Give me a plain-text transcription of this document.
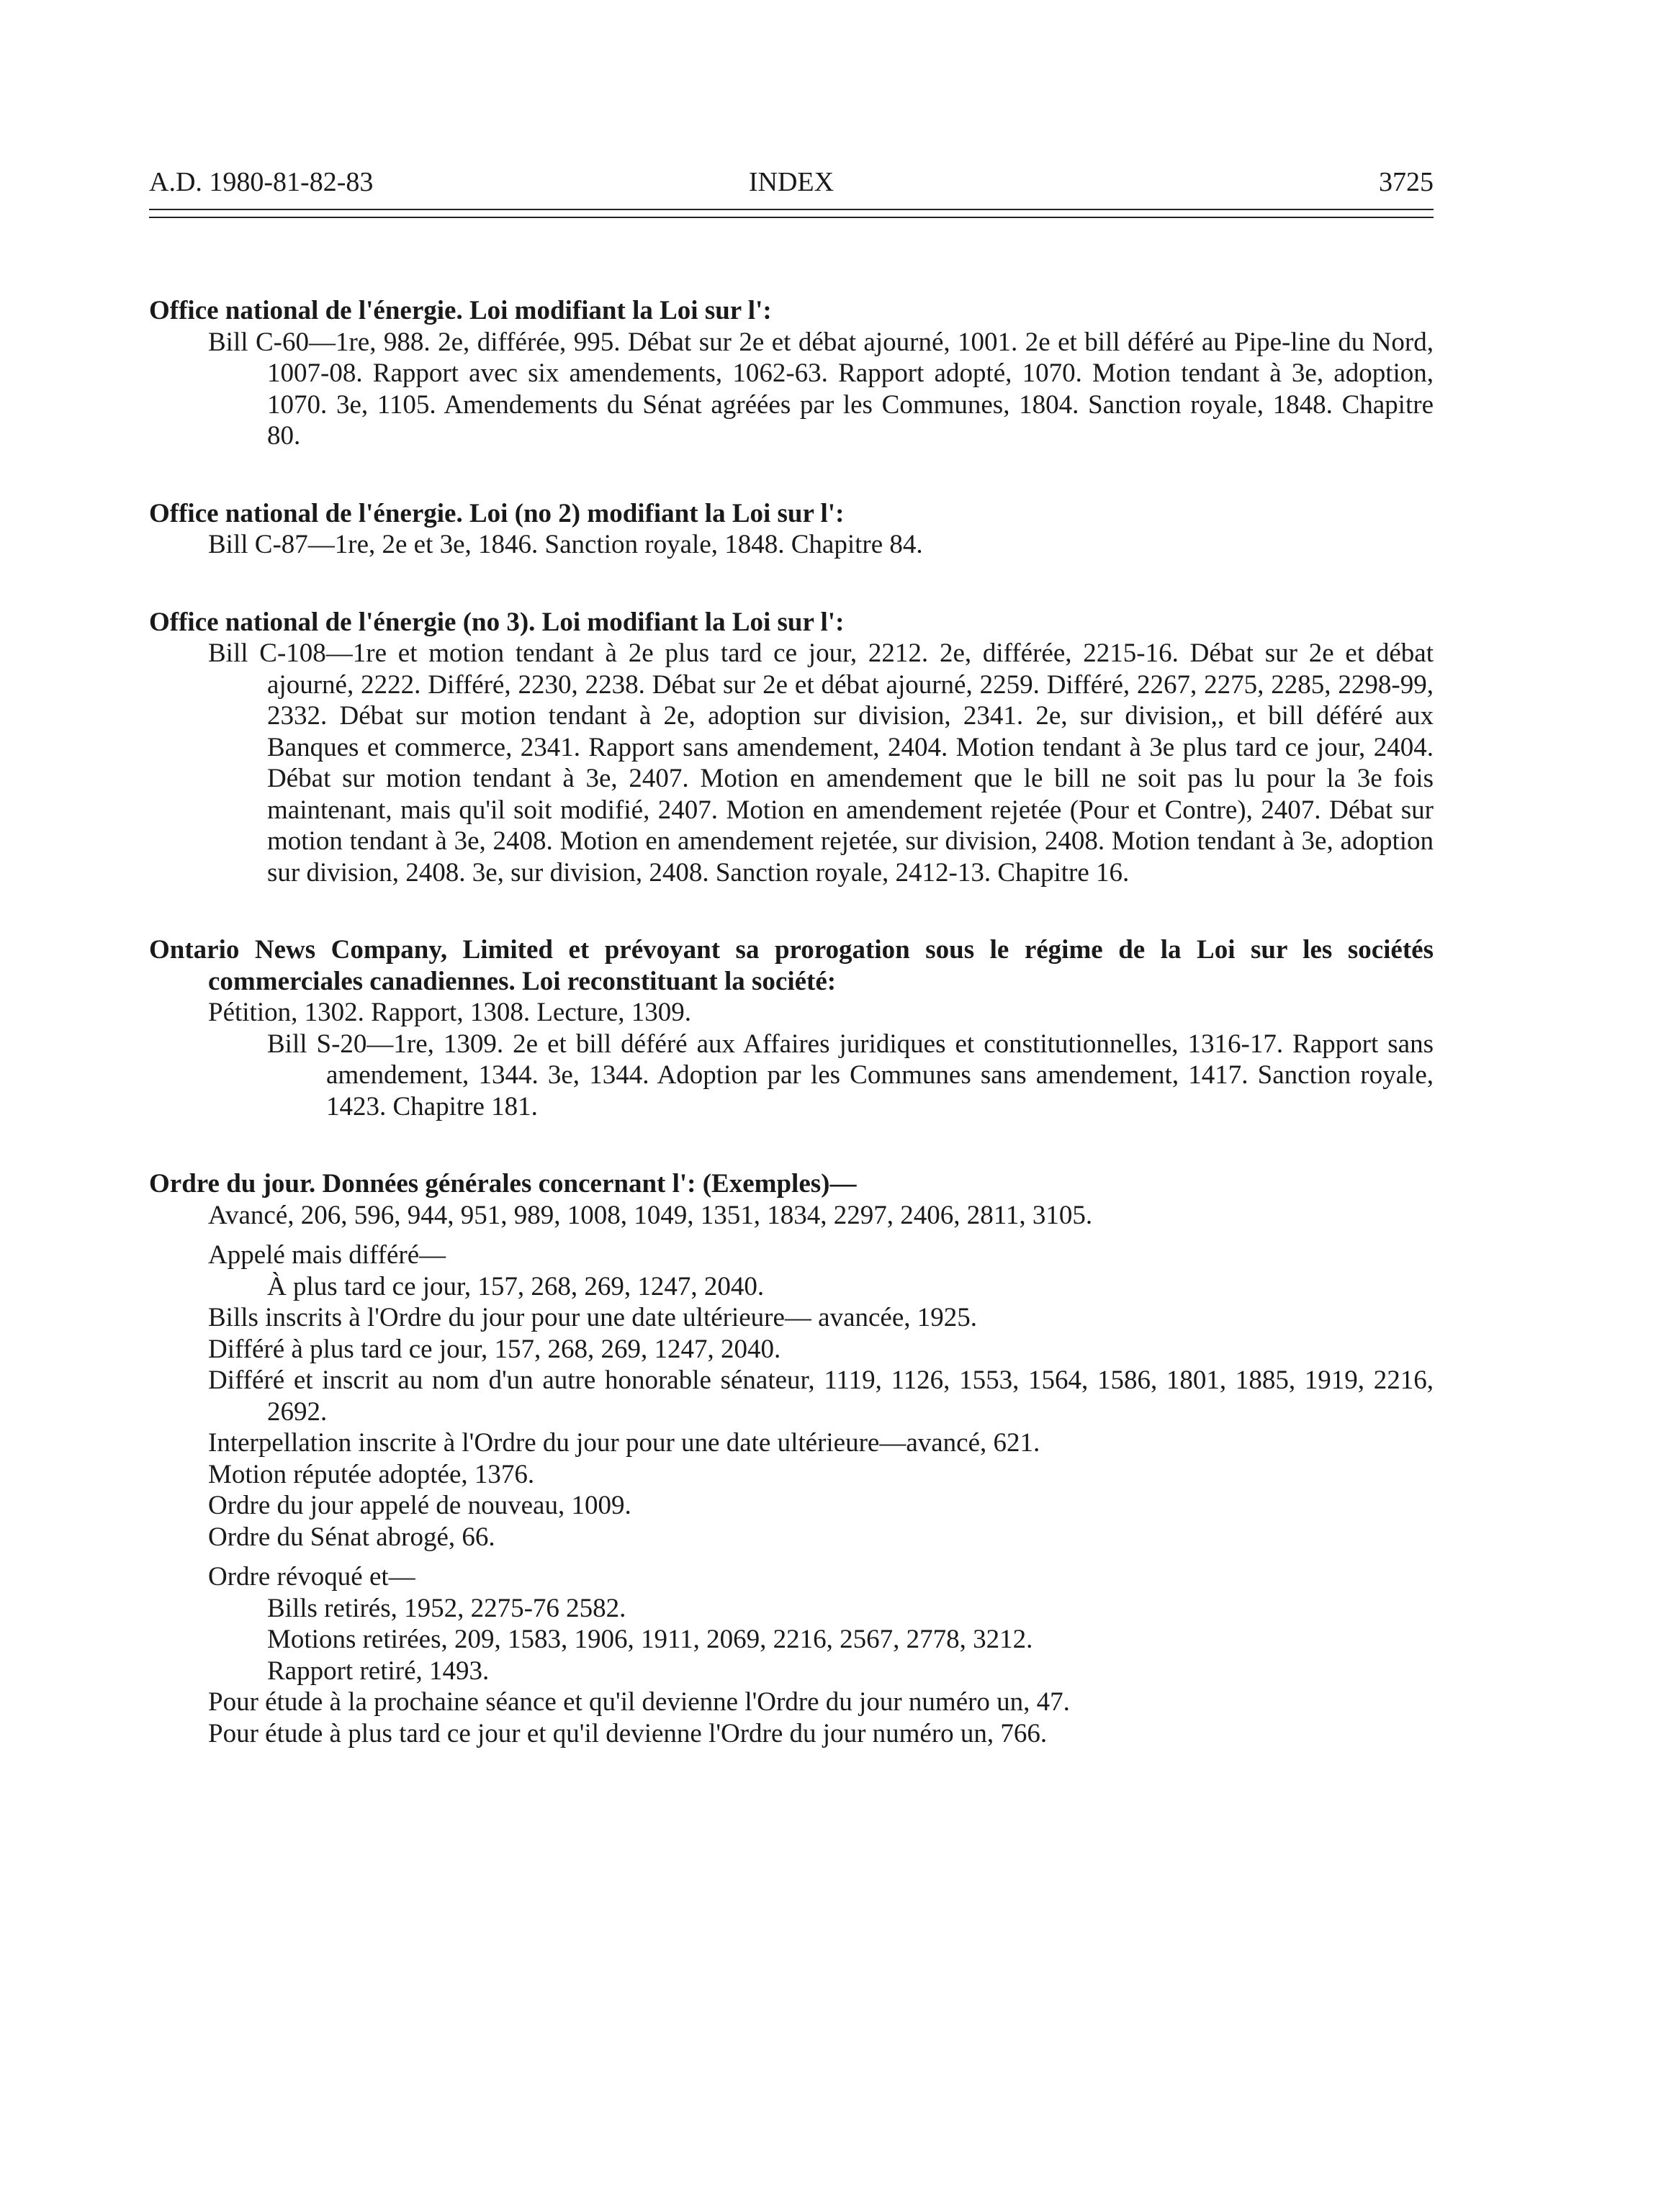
A.D. 1980-81-82-83	INDEX	3725
Office national de l'énergie. Loi modifiant la Loi sur l':
Bill C-60—1re, 988. 2e, différée, 995. Débat sur 2e et débat ajourné, 1001. 2e et bill déféré au Pipe-line du Nord, 1007-08. Rapport avec six amendements, 1062-63. Rapport adopté, 1070. Motion tendant à 3e, adoption, 1070. 3e, 1105. Amendements du Sénat agréées par les Communes, 1804. Sanction royale, 1848. Chapitre 80.
Office national de l'énergie. Loi (no 2) modifiant la Loi sur l':
Bill C-87—1re, 2e et 3e, 1846. Sanction royale, 1848. Chapitre 84.
Office national de l'énergie (no 3). Loi modifiant la Loi sur l':
Bill C-108—1re et motion tendant à 2e plus tard ce jour, 2212. 2e, différée, 2215-16. Débat sur 2e et débat ajourné, 2222. Différé, 2230, 2238. Débat sur 2e et débat ajourné, 2259. Différé, 2267, 2275, 2285, 2298-99, 2332. Débat sur motion tendant à 2e, adoption sur division, 2341. 2e, sur division,, et bill déféré aux Banques et commerce, 2341. Rapport sans amendement, 2404. Motion tendant à 3e plus tard ce jour, 2404. Débat sur motion tendant à 3e, 2407. Motion en amendement que le bill ne soit pas lu pour la 3e fois maintenant, mais qu'il soit modifié, 2407. Motion en amendement rejetée (Pour et Contre), 2407. Débat sur motion tendant à 3e, 2408. Motion en amendement rejetée, sur division, 2408. Motion tendant à 3e, adoption sur division, 2408. 3e, sur division, 2408. Sanction royale, 2412-13. Chapitre 16.
Ontario News Company, Limited et prévoyant sa prorogation sous le régime de la Loi sur les sociétés commerciales canadiennes. Loi reconstituant la société:
Pétition, 1302. Rapport, 1308. Lecture, 1309.
Bill S-20—1re, 1309. 2e et bill déféré aux Affaires juridiques et constitutionnelles, 1316-17. Rapport sans amendement, 1344. 3e, 1344. Adoption par les Communes sans amendement, 1417. Sanction royale, 1423. Chapitre 181.
Ordre du jour. Données générales concernant l': (Exemples)—
Avancé, 206, 596, 944, 951, 989, 1008, 1049, 1351, 1834, 2297, 2406, 2811, 3105.
Appelé mais différé—
À plus tard ce jour, 157, 268, 269, 1247, 2040.
Bills inscrits à l'Ordre du jour pour une date ultérieure— avancée, 1925.
Différé à plus tard ce jour, 157, 268, 269, 1247, 2040.
Différé et inscrit au nom d'un autre honorable sénateur, 1119, 1126, 1553, 1564, 1586, 1801, 1885, 1919, 2216, 2692.
Interpellation inscrite à l'Ordre du jour pour une date ultérieure—avancé, 621.
Motion réputée adoptée, 1376.
Ordre du jour appelé de nouveau, 1009.
Ordre du Sénat abrogé, 66.
Ordre révoqué et—
Bills retirés, 1952, 2275-76 2582.
Motions retirées, 209, 1583, 1906, 1911, 2069, 2216, 2567, 2778, 3212.
Rapport retiré, 1493.
Pour étude à la prochaine séance et qu'il devienne l'Ordre du jour numéro un, 47.
Pour étude à plus tard ce jour et qu'il devienne l'Ordre du jour numéro un, 766.
